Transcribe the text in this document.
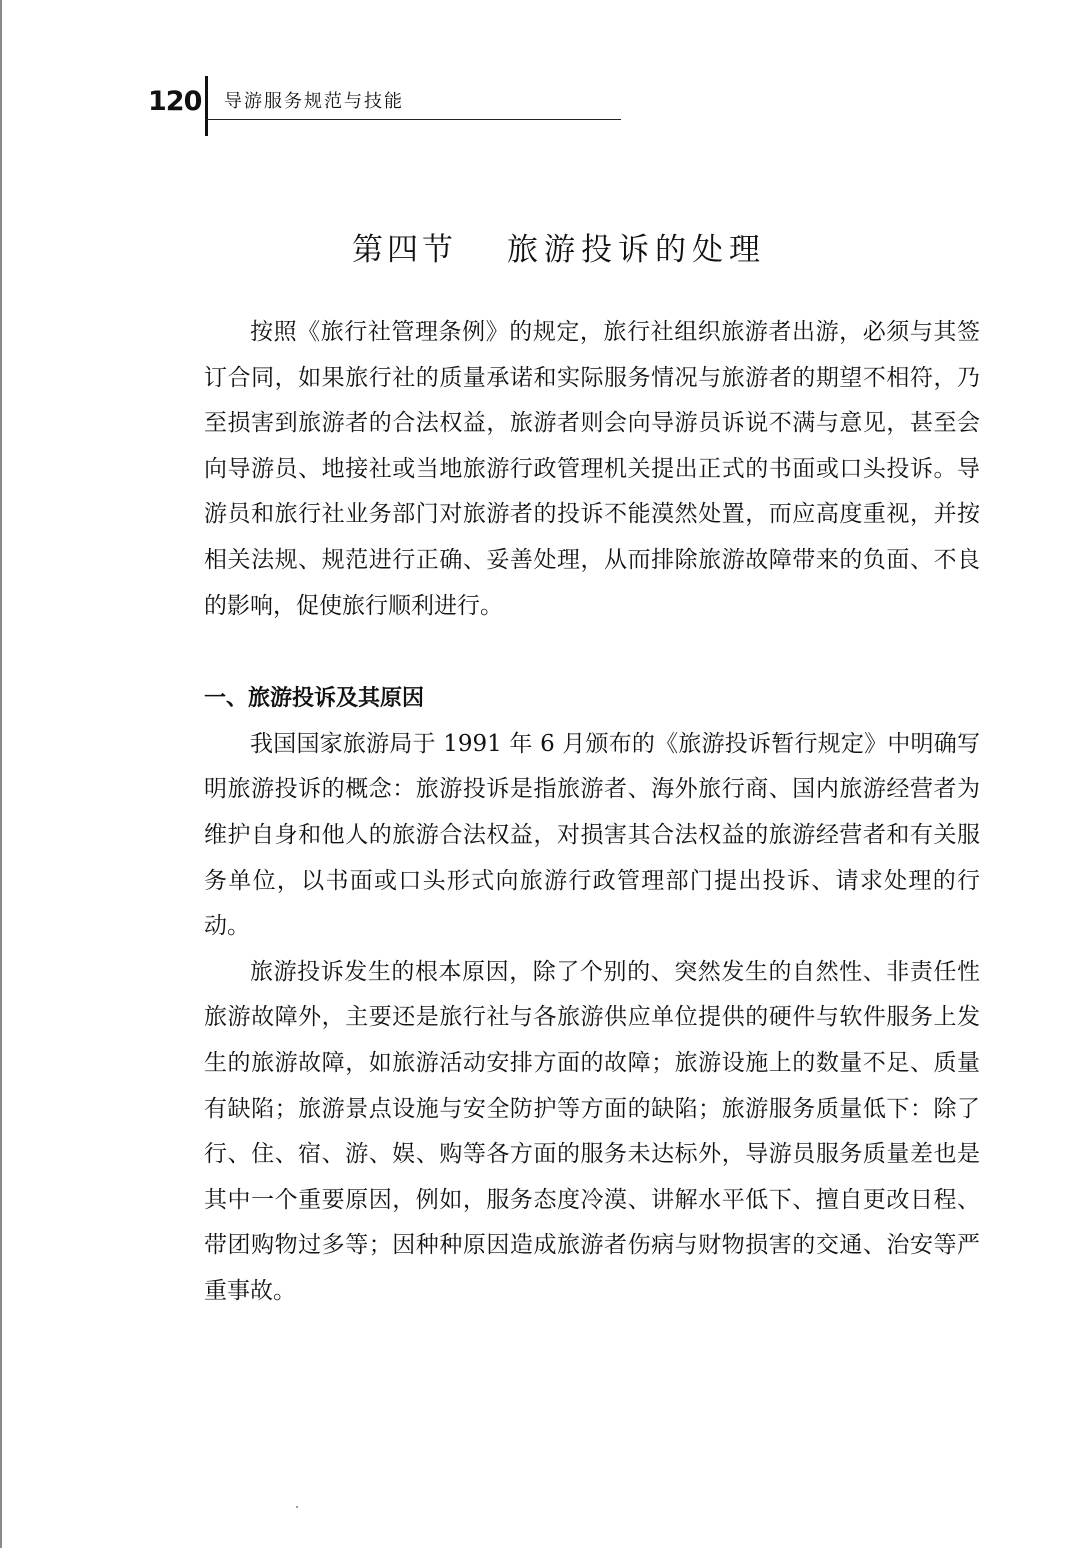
120 导游服务规范与技能
第四节 旅游投诉的处理

按照《旅行社管理条例》的规定，旅行社组织旅游者出游，必须与其签订合同，如果旅行社的质量承诺和实际服务情况与旅游者的期望不相符，乃至损害到旅游者的合法权益，旅游者则会向导游员诉说不满与意见，甚至会向导游员、地接社或当地旅游行政管理机关提出正式的书面或口头投诉。导游员和旅行社业务部门对旅游者的投诉不能漠然处置，而应高度重视，并按相关法规、规范进行正确、妥善处理，从而排除旅游故障带来的负面、不良的影响，促使旅行顺利进行。

一、旅游投诉及其原因

我国国家旅游局于 1991 年 6 月颁布的《旅游投诉暂行规定》中明确写明旅游投诉的概念：旅游投诉是指旅游者、海外旅行商、国内旅游经营者为维护自身和他人的旅游合法权益，对损害其合法权益的旅游经营者和有关服务单位，以书面或口头形式向旅游行政管理部门提出投诉、请求处理的行动。

旅游投诉发生的根本原因，除了个别的、突然发生的自然性、非责任性旅游故障外，主要还是旅行社与各旅游供应单位提供的硬件与软件服务上发生的旅游故障，如旅游活动安排方面的故障；旅游设施上的数量不足、质量有缺陷；旅游景点设施与安全防护等方面的缺陷；旅游服务质量低下：除了行、住、宿、游、娱、购等各方面的服务未达标外，导游员服务质量差也是其中一个重要原因，例如，服务态度冷漠、讲解水平低下、擅自更改日程、带团购物过多等；因种种原因造成旅游者伤病与财物损害的交通、治安等严重事故。
